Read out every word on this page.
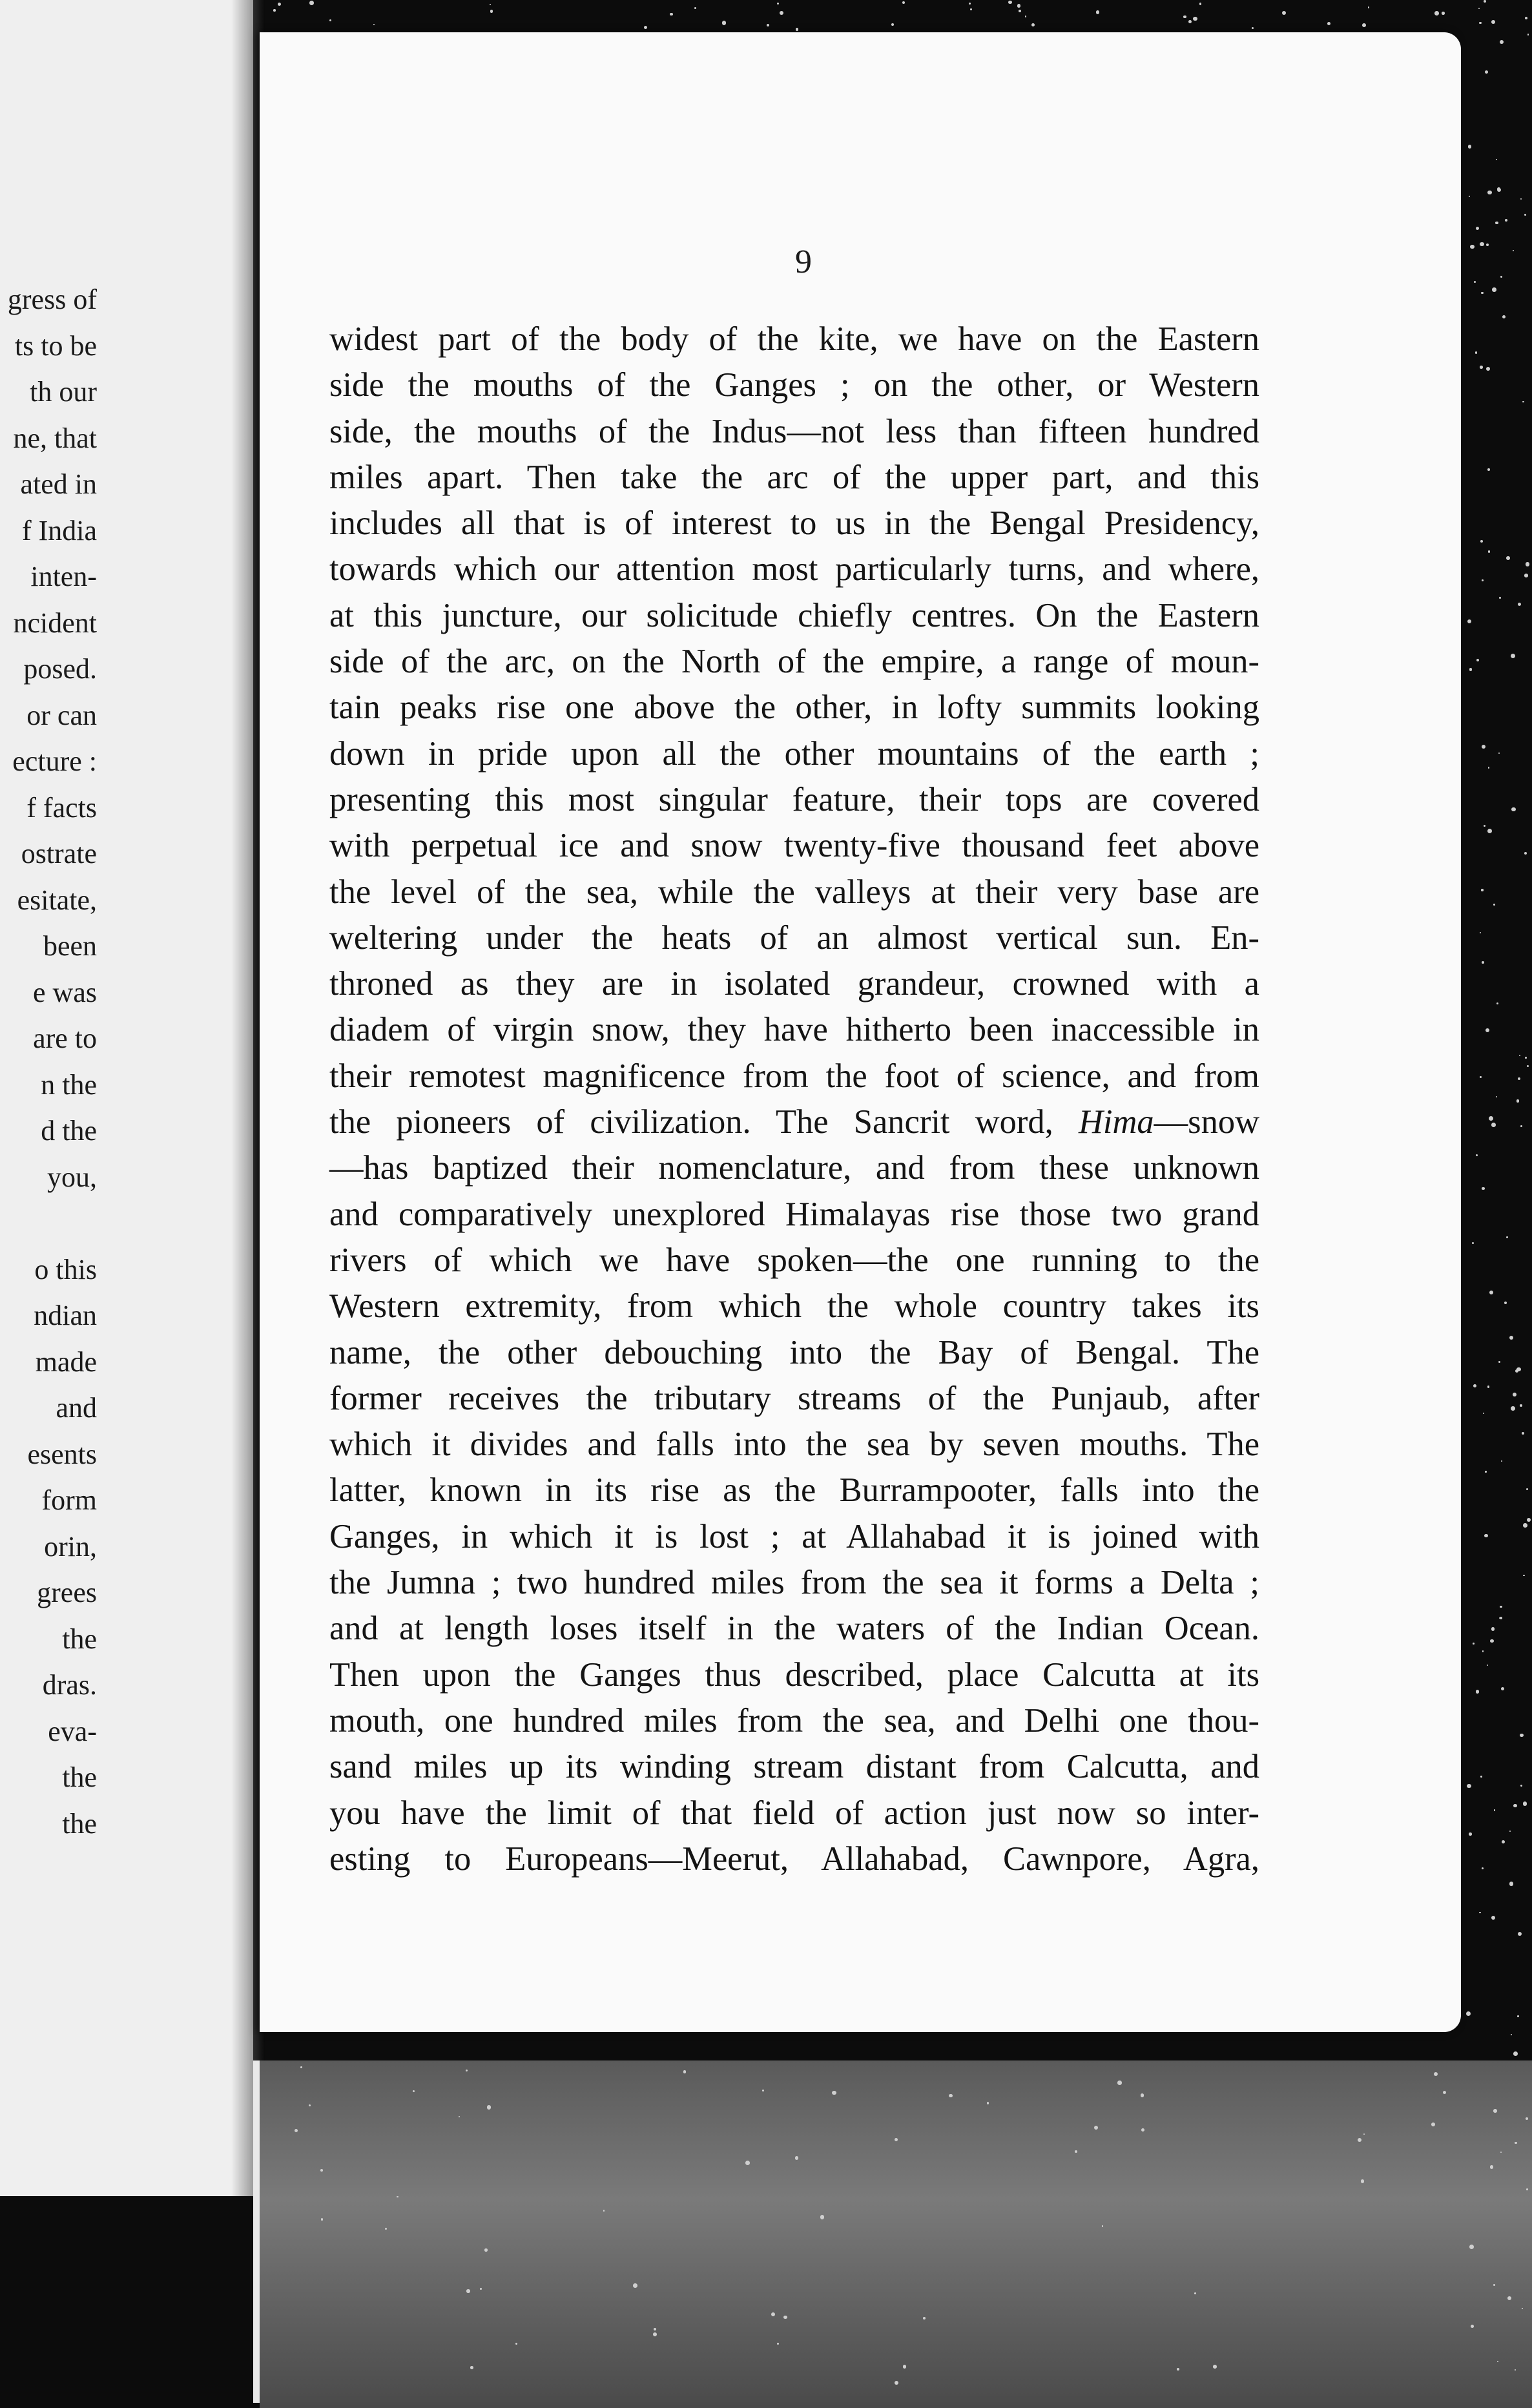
gress of
ts to be
th our
ne, that
ated in
f India
inten-
ncident
posed.
or can
ecture :
f facts
ostrate
esitate,
been
e was
are to
n the
d the
you,
o this
ndian
made
and
esents
form
orin,
grees
the
dras.
eva-
the
the
9
widest part of the body of the kite, we have on the Eastern
side the mouths of the Ganges ; on the other, or Western
side, the mouths of the Indus—not less than fifteen hundred
miles apart. Then take the arc of the upper part, and this
includes all that is of interest to us in the Bengal Presidency,
towards which our attention most particularly turns, and where,
at this juncture, our solicitude chiefly centres. On the Eastern
side of the arc, on the North of the empire, a range of moun-
tain peaks rise one above the other, in lofty summits looking
down in pride upon all the other mountains of the earth ;
presenting this most singular feature, their tops are covered
with perpetual ice and snow twenty-five thousand feet above
the level of the sea, while the valleys at their very base are
weltering under the heats of an almost vertical sun. En-
throned as they are in isolated grandeur, crowned with a
diadem of virgin snow, they have hitherto been inaccessible in
their remotest magnificence from the foot of science, and from
the pioneers of civilization. The Sancrit word, Hima—snow
—has baptized their nomenclature, and from these unknown
and comparatively unexplored Himalayas rise those two grand
rivers of which we have spoken—the one running to the
Western extremity, from which the whole country takes its
name, the other debouching into the Bay of Bengal. The
former receives the tributary streams of the Punjaub, after
which it divides and falls into the sea by seven mouths. The
latter, known in its rise as the Burrampooter, falls into the
Ganges, in which it is lost ; at Allahabad it is joined with
the Jumna ; two hundred miles from the sea it forms a Delta ;
and at length loses itself in the waters of the Indian Ocean.
Then upon the Ganges thus described, place Calcutta at its
mouth, one hundred miles from the sea, and Delhi one thou-
sand miles up its winding stream distant from Calcutta, and
you have the limit of that field of action just now so inter-
esting to Europeans—Meerut, Allahabad, Cawnpore, Agra,
